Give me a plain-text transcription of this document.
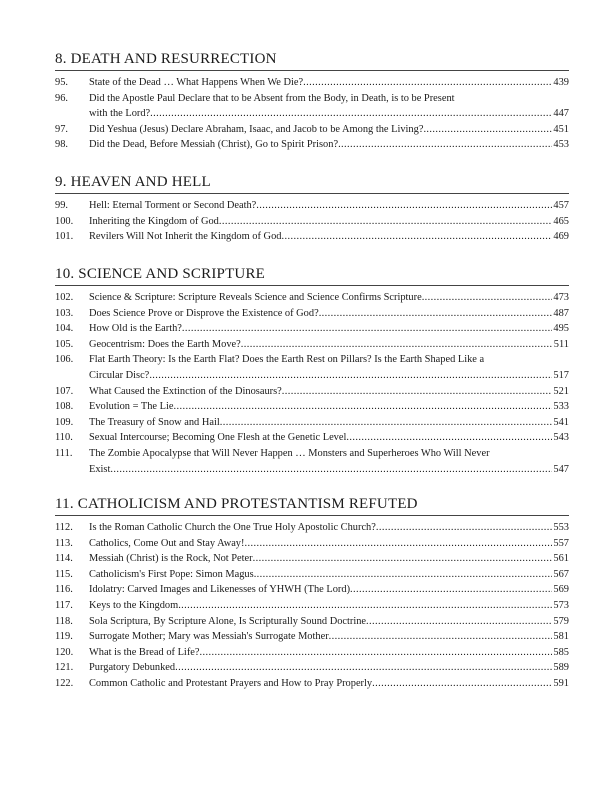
8. DEATH AND RESURRECTION
95.	State of the Dead … What Happens When We Die? .....	439
96.	Did the Apostle Paul Declare that to be Absent from the Body, in Death, is to be Present
with the Lord? .....	447
97.	Did Yeshua (Jesus) Declare Abraham, Isaac, and Jacob to be Among the Living? .....	451
98.	Did the Dead, Before Messiah (Christ), Go to Spirit Prison? .....	453
9. HEAVEN AND HELL
99.	Hell: Eternal Torment or Second Death? .....	457
100.	Inheriting the Kingdom of God .....	465
101.	Revilers Will Not Inherit the Kingdom of God .....	469
10. SCIENCE AND SCRIPTURE
102.	Science & Scripture: Scripture Reveals Science and Science Confirms Scripture .....	473
103.	Does Science Prove or Disprove the Existence of God? .....	487
104.	How Old is the Earth? .....	495
105.	Geocentrism: Does the Earth Move? .....	511
106.	Flat Earth Theory: Is the Earth Flat? Does the Earth Rest on Pillars? Is the Earth Shaped Like a
Circular Disc? .....	517
107.	What Caused the Extinction of the Dinosaurs? .....	521
108.	Evolution = The Lie .....	533
109.	The Treasury of Snow and Hail .....	541
110.	Sexual Intercourse; Becoming One Flesh at the Genetic Level .....	543
111.	The Zombie Apocalypse that Will Never Happen … Monsters and Superheroes Who Will Never
Exist .....	547
11. CATHOLICISM AND PROTESTANTISM REFUTED
112.	Is the Roman Catholic Church the One True Holy Apostolic Church? .....	553
113.	Catholics, Come Out and Stay Away! .....	557
114.	Messiah (Christ) is the Rock, Not Peter .....	561
115.	Catholicism's First Pope: Simon Magus .....	567
116.	Idolatry: Carved Images and Likenesses of YHWH (The Lord) .....	569
117.	Keys to the Kingdom .....	573
118.	Sola Scriptura, By Scripture Alone, Is Scripturally Sound Doctrine .....	579
119.	Surrogate Mother; Mary was Messiah's Surrogate Mother .....	581
120.	What is the Bread of Life? .....	585
121.	Purgatory Debunked .....	589
122.	Common Catholic and Protestant Prayers and How to Pray Properly .....	591
